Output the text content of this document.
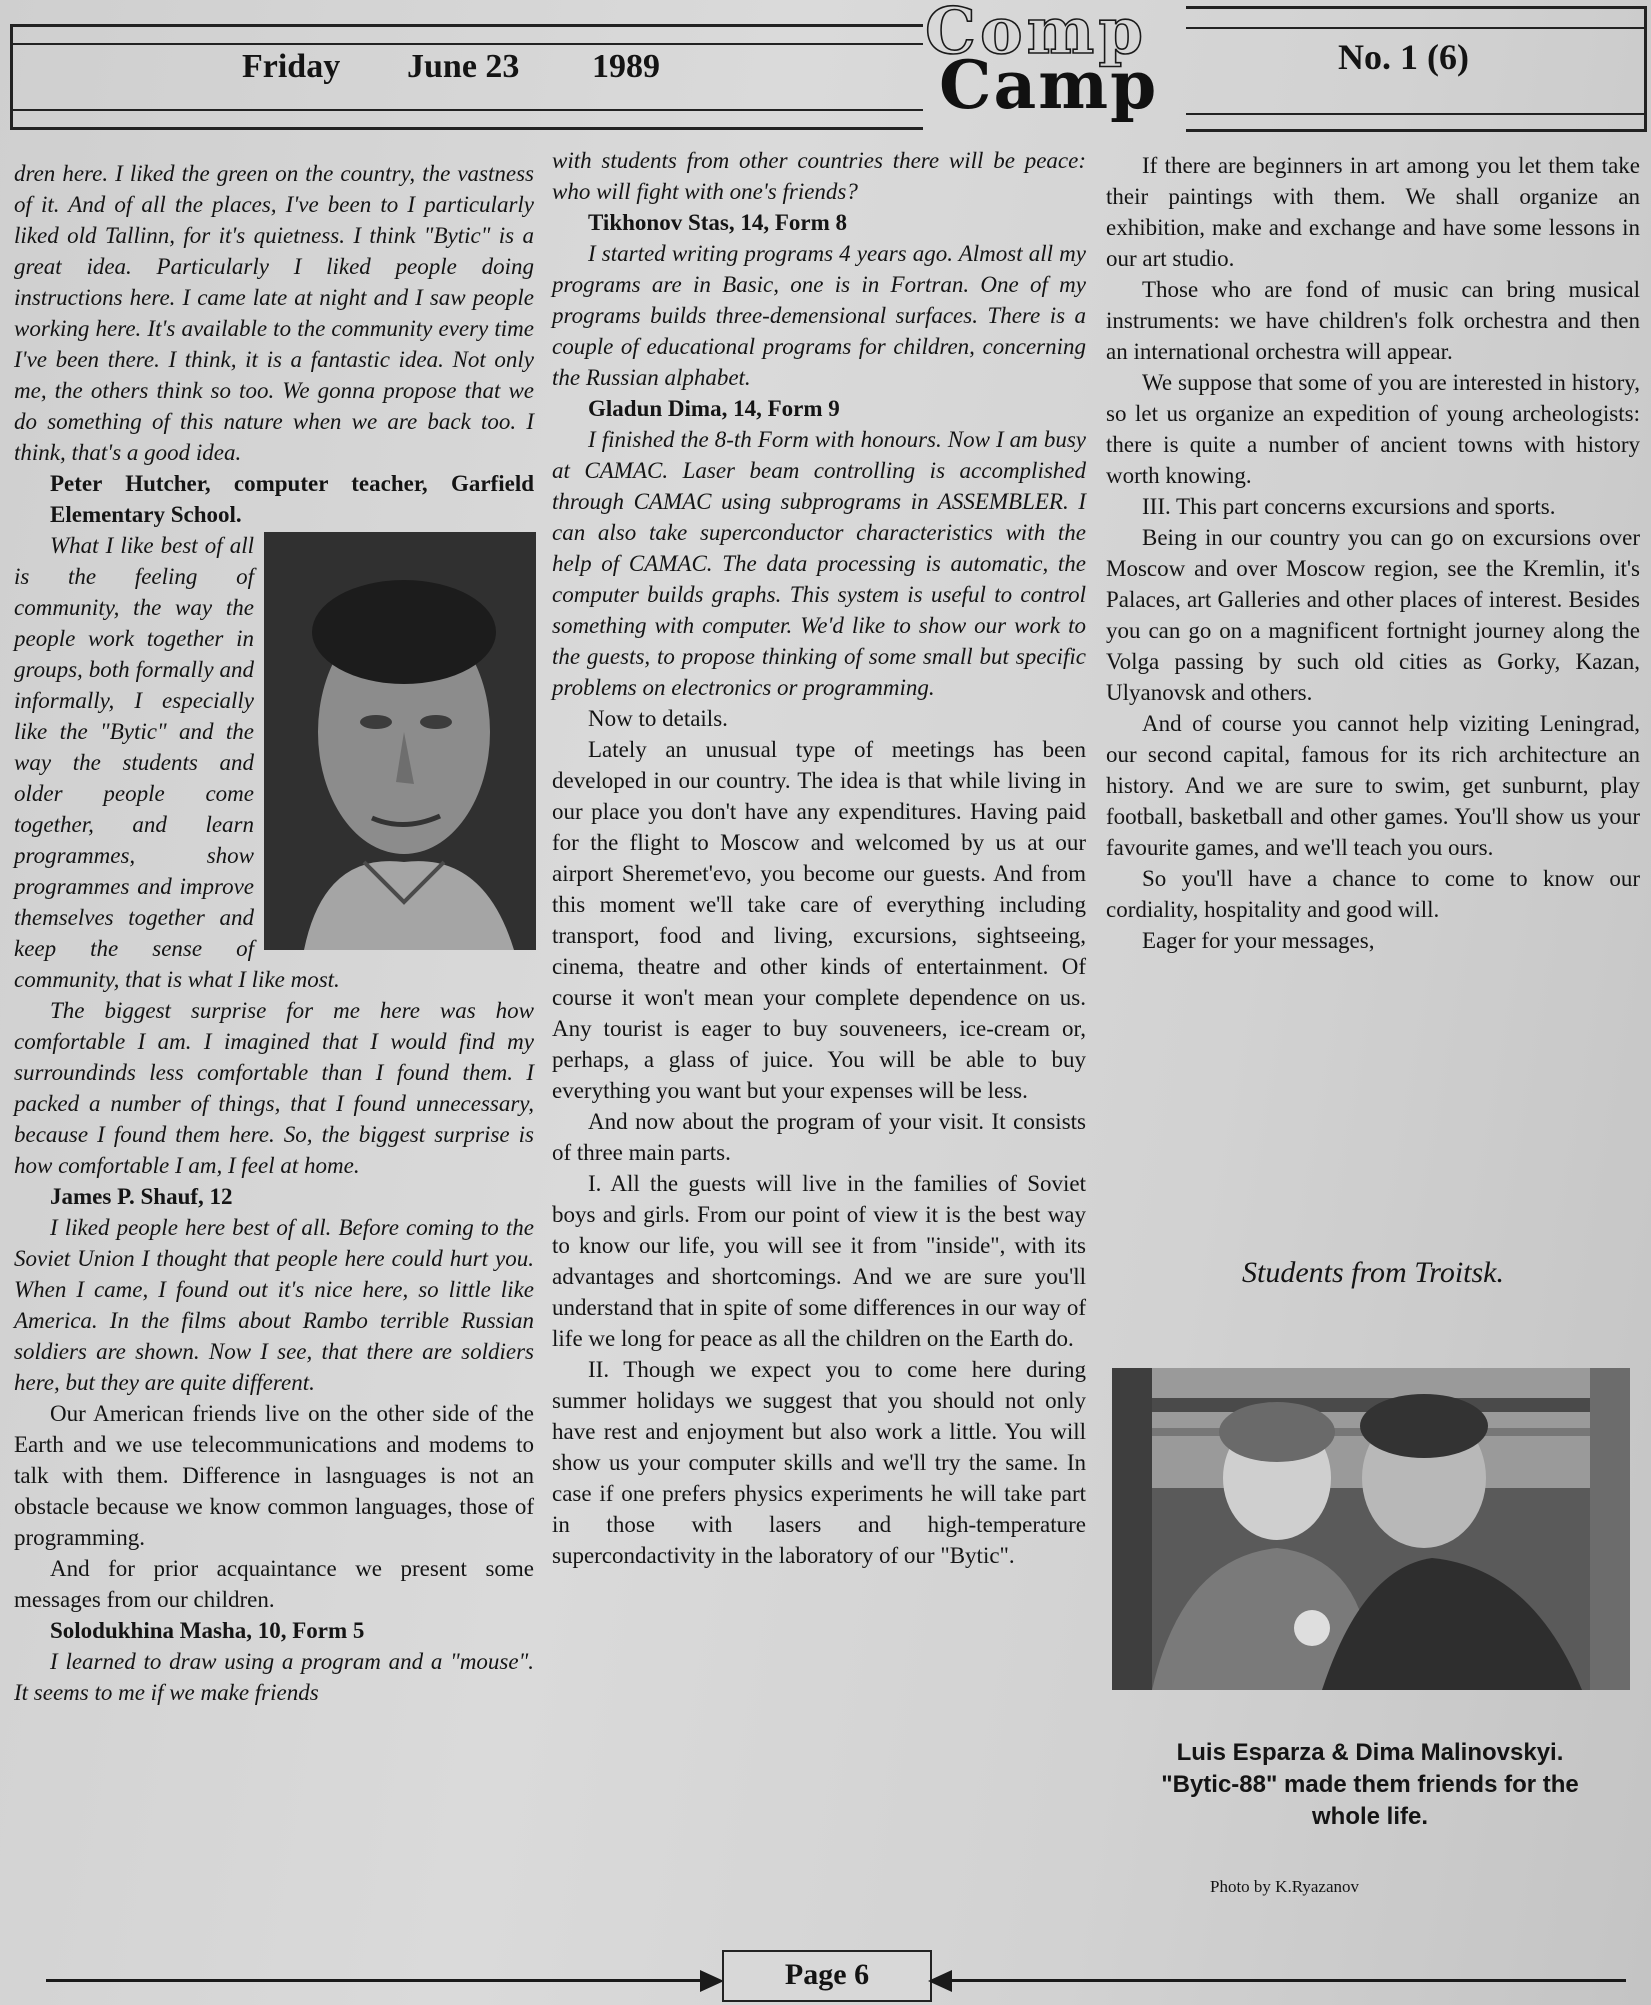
Friday June 23 1989	Comp
Camp	No. 1 (6)

dren here. I liked the green on the country, the vastness of it. And of all the places, I've been to I particularly liked old Tallinn, for it's quietness. I think "Bytic" is a great idea. Particularly I liked people doing instructions here. I came late at night and I saw people working here. It's available to the community every time I've been there. I think, it is a fantastic idea. Not only me, the others think so too. We gonna propose that we do something of this nature when we are back too. I think, that's a good idea.

Peter Hutcher, computer teacher, Garfield Elementary School.

What I like best of all is the feeling of community, the way the people work together in groups, both formally and informally, I especially like the "Bytic" and the way the students and older people come together, and learn programmes, show programmes and improve themselves together and keep the sense of community, that is what I like most.

The biggest surprise for me here was how comfortable I am. I imagined that I would find my surroundinds less comfortable than I found them. I packed a number of things, that I found unnecessary, because I found them here. So, the biggest surprise is how comfortable I am, I feel at home.

James P. Shauf, 12

I liked people here best of all. Before coming to the Soviet Union I thought that people here could hurt you. When I came, I found out it's nice here, so little like America. In the films about Rambo terrible Russian soldiers are shown. Now I see, that there are soldiers here, but they are quite different.

Our American friends live on the other side of the Earth and we use telecommunications and modems to talk with them. Difference in lasnguages is not an obstacle because we know common languages, those of programming.

And for prior acquaintance we present some messages from our children.

Solodukhina Masha, 10, Form 5

I learned to draw using a program and a "mouse". It seems to me if we make friends

with students from other countries there will be peace: who will fight with one's friends?

Tikhonov Stas, 14, Form 8

I started writing programs 4 years ago. Almost all my programs are in Basic, one is in Fortran. One of my programs builds three-demensional surfaces. There is a couple of educational programs for children, concerning the Russian alphabet.

Gladun Dima, 14, Form 9

I finished the 8-th Form with honours. Now I am busy at CAMAC. Laser beam controlling is accomplished through CAMAC using subprograms in ASSEMBLER. I can also take superconductor characteristics with the help of CAMAC. The data processing is automatic, the computer builds graphs. This system is useful to control something with computer. We'd like to show our work to the guests, to propose thinking of some small but specific problems on electronics or programming.

Now to details.

Lately an unusual type of meetings has been developed in our country. The idea is that while living in our place you don't have any expenditures. Having paid for the flight to Moscow and welcomed by us at our airport Sheremet'evo, you become our guests. And from this moment we'll take care of everything including transport, food and living, excursions, sightseeing, cinema, theatre and other kinds of entertainment. Of course it won't mean your complete dependence on us. Any tourist is eager to buy souveneers, ice-cream or, perhaps, a glass of juice. You will be able to buy everything you want but your expenses will be less.

And now about the program of your visit. It consists of three main parts.

I. All the guests will live in the families of Soviet boys and girls. From our point of view it is the best way to know our life, you will see it from "inside", with its advantages and shortcomings. And we are sure you'll understand that in spite of some differences in our way of life we long for peace as all the children on the Earth do.

II. Though we expect you to come here during summer holidays we suggest that you should not only have rest and enjoyment but also work a little. You will show us your computer skills and we'll try the same. In case if one prefers physics experiments he will take part in those with lasers and high-temperature supercondactivity in the laboratory of our "Bytic".

If there are beginners in art among you let them take their paintings with them. We shall organize an exhibition, make and exchange and have some lessons in our art studio.

Those who are fond of music can bring musical instruments: we have children's folk orchestra and then an international orchestra will appear.

We suppose that some of you are interested in history, so let us organize an expedition of young archeologists: there is quite a number of ancient towns with history worth knowing.

III. This part concerns excursions and sports.

Being in our country you can go on excursions over Moscow and over Moscow region, see the Kremlin, it's Palaces, art Galleries and other places of interest. Besides you can go on a magnificent fortnight journey along the Volga passing by such old cities as Gorky, Kazan, Ulyanovsk and others.

And of course you cannot help viziting Leningrad, our second capital, famous for its rich architecture an history. And we are sure to swim, get sunburnt, play football, basketball and other games. You'll show us your favourite games, and we'll teach you ours.

So you'll have a chance to come to know our cordiality, hospitality and good will.

Eager for your messages,

Students from Troitsk.
Luis Esparza & Dima Malinovskyi.
"Bytic-88" made them friends for the
whole life.
Photo by K.Ryazanov
Page 6
